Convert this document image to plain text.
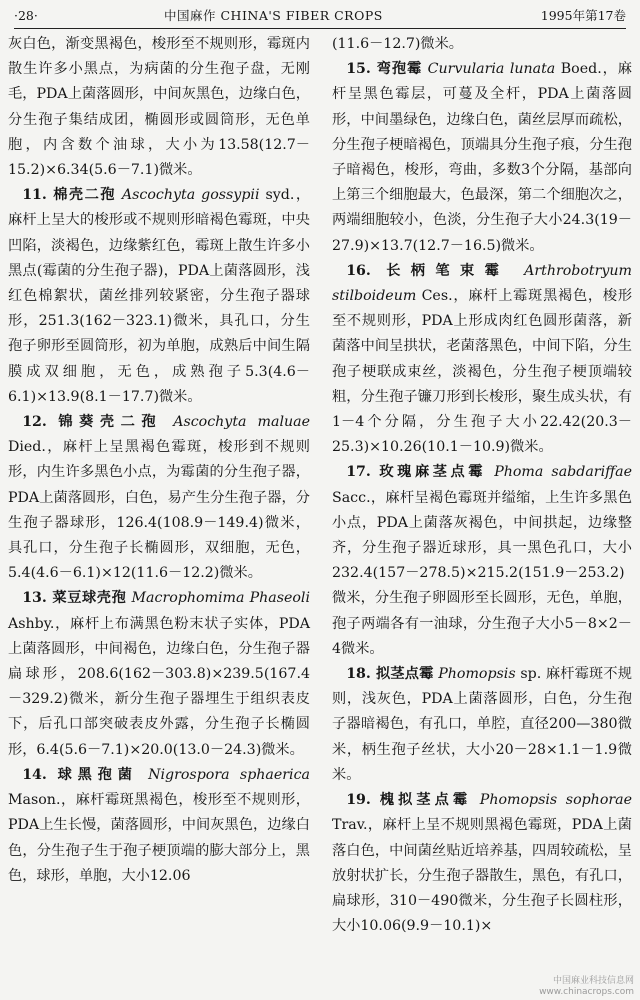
·28·	中国麻作 CHINA'S FIBER CROPS	1995年第17卷

灰白色，渐变黑褐色，梭形至不规则形，霉斑内散生许多小黑点，为病菌的分生孢子盘，无刚毛，PDA上菌落圆形，中间灰黑色，边缘白色，分生孢子集结成团，椭圆形或圆筒形，无色单胞，内含数个油球，大小为13.58(12.7－15.2)×6.34(5.6－7.1)微米。

 11. 棉壳二孢 Ascochyta gossypii syd.，麻杆上呈大的梭形或不规则形暗褐色霉斑，中央凹陷，淡褐色，边缘紫红色，霉斑上散生许多小黑点(霉菌的分生孢子器)，PDA上菌落圆形，浅红色棉絮状，菌丝排列较紧密，分生孢子器球形，251.3(162－323.1)微米，具孔口，分生孢子卵形至圆筒形，初为单胞，成熟后中间生隔膜成双细胞，无色，成熟孢子5.3(4.6－6.1)×13.9(8.1－17.7)微米。

 12. 锦葵壳二孢 Ascochyta maluae Died.，麻杆上呈黑褐色霉斑，梭形到不规则形，内生许多黑色小点，为霉菌的分生孢子器，PDA上菌落圆形，白色，易产生分生孢子器，分生孢子器球形，126.4(108.9－149.4)微米，具孔口，分生孢子长椭圆形，双细胞，无色，5.4(4.6－6.1)×12(11.6－12.2)微米。

 13. 菜豆球壳孢 Macrophomima Phaseoli Ashby.，麻杆上布满黑色粉末状子实体，PDA上菌落圆形，中间褐色，边缘白色，分生孢子器扁球形，208.6(162－303.8)×239.5(167.4－329.2)微米，新分生孢子器埋生于组织表皮下，后孔口部突破表皮外露，分生孢子长椭圆形，6.4(5.6－7.1)×20.0(13.0－24.3)微米。

 14. 球黑孢菌 Nigrospora sphaerica Mason.，麻杆霉斑黑褐色，梭形至不规则形，PDA上生长慢，菌落圆形，中间灰黑色，边缘白色，分生孢子生于孢子梗顶端的膨大部分上，黑色，球形，单胞，大小12.06

(11.6－12.7)微米。

 15. 弯孢霉 Curvularia lunata Boed.，麻杆呈黑色霉层，可蔓及全杆，PDA上菌落圆形，中间墨绿色，边缘白色，菌丝层厚而疏松，分生孢子梗暗褐色，顶端具分生孢子痕，分生孢子暗褐色，梭形，弯曲，多数3个分隔，基部向上第三个细胞最大，色最深，第二个细胞次之，两端细胞较小，色淡，分生孢子大小24.3(19－27.9)×13.7(12.7－16.5)微米。

 16. 长柄笔束霉 Arthrobotryum stilboideum Ces.，麻杆上霉斑黑褐色，梭形至不规则形，PDA上形成肉红色圆形菌落，新菌落中间呈拱状，老菌落黑色，中间下陷，分生孢子梗联成束丝，淡褐色，分生孢子梗顶端较粗，分生孢子镰刀形到长梭形，聚生成头状，有1－4个分隔，分生孢子大小22.42(20.3－25.3)×10.26(10.1－10.9)微米。

 17. 玫瑰麻茎点霉 Phoma sabdariffae Sacc.，麻杆呈褐色霉斑并缢缩，上生许多黑色小点，PDA上菌落灰褐色，中间拱起，边缘整齐，分生孢子器近球形，具一黑色孔口，大小232.4(157－278.5)×215.2(151.9－253.2)微米，分生孢子卵圆形至长圆形，无色，单胞，孢子两端各有一油球，分生孢子大小5－8×2－4微米。

 18. 拟茎点霉 Phomopsis sp. 麻杆霉斑不规则，浅灰色，PDA上菌落圆形，白色，分生孢子器暗褐色，有孔口，单腔，直径200—380微米，柄生孢子丝状，大小20－28×1.1－1.9微米。

 19. 槐拟茎点霉 Phomopsis sophorae Trav.，麻杆上呈不规则黑褐色霉斑，PDA上菌落白色，中间菌丝贴近培养基，四周较疏松，呈放射状扩长，分生孢子器散生，黑色，有孔口，扁球形，310－490微米，分生孢子长圆柱形，大小10.06(9.9－10.1)×

中国麻业科技信息网
www.chinacrops.com
